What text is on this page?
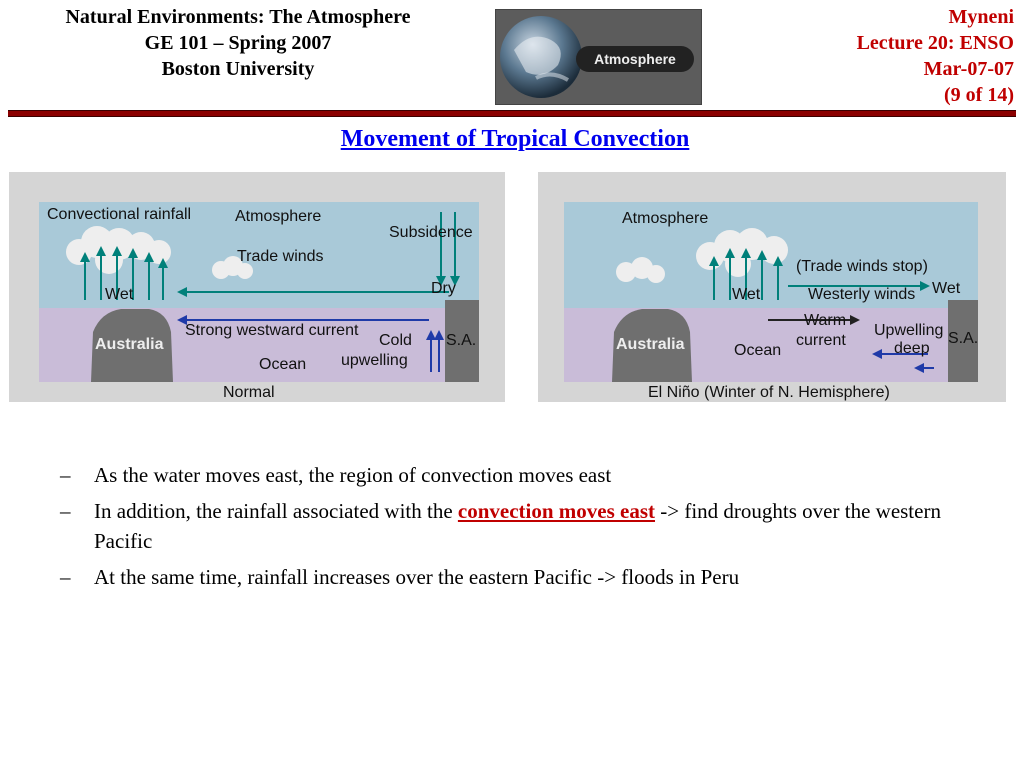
Natural Environments: The Atmosphere
GE 101 – Spring 2007
Boston University	Atmosphere
Myneni
Lecture 20: ENSO
Mar-07-07
(9 of 14)
Movement of Tropical Convection
Convectional rainfall	Atmosphere
Subsidence
Trade winds
Wet	Dry
Australia
Strong westward current
Cold
upwelling
Ocean
S.A.
Normal
Atmosphere
(Trade winds stop)
Wet	Westerly winds Wet
Australia	Ocean
Warm
current
Upwelling
deep
S.A.
El Niño (Winter of N. Hemisphere)
– As the water moves east, the region of convection moves east
– In addition, the rainfall associated with the convection moves east -> find droughts over the western Pacific
– At the same time, rainfall increases over the eastern Pacific -> floods in Peru
